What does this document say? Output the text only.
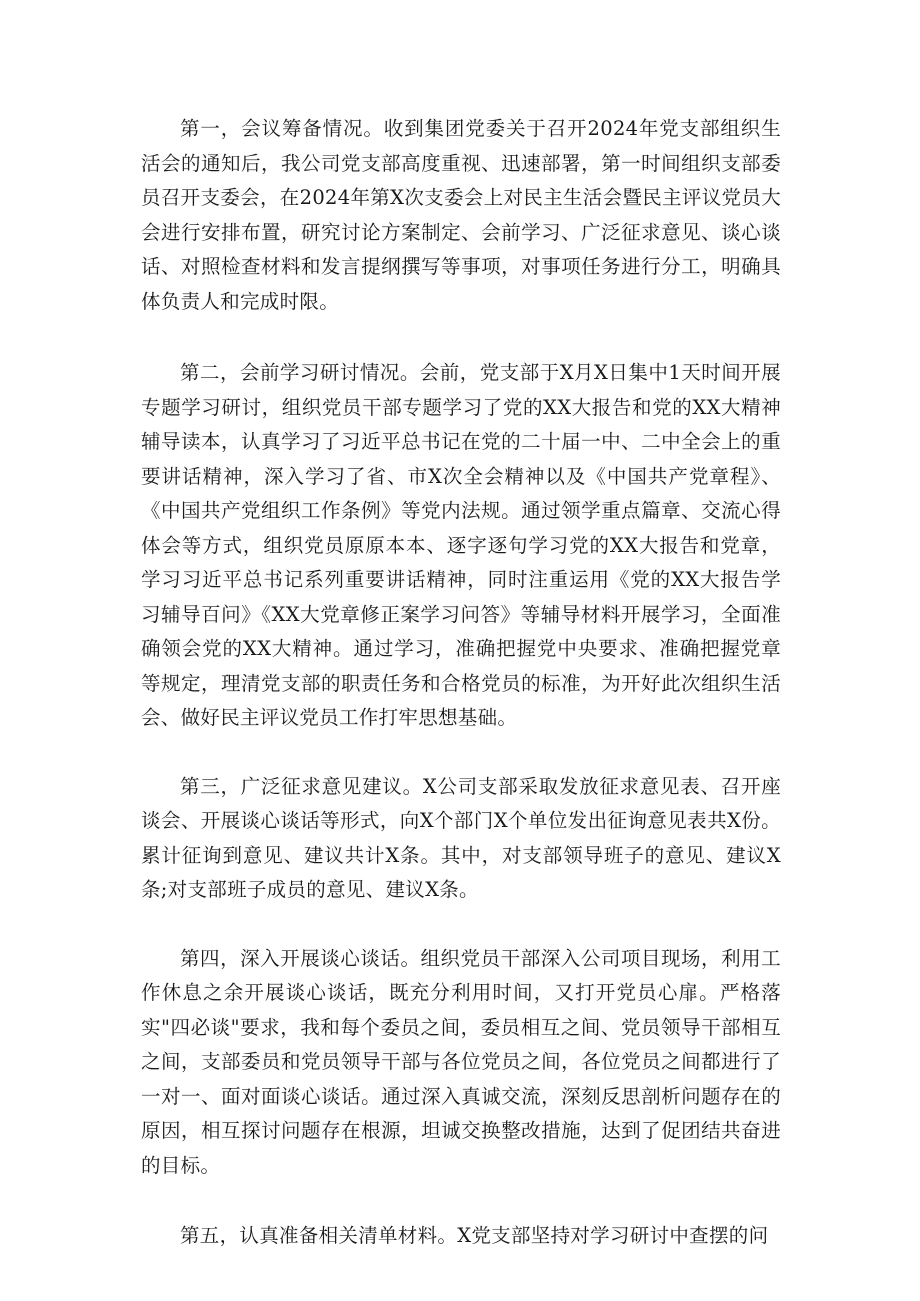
第一，会议筹备情况。收到集团党委关于召开2024年党支部组织生活会的通知后，我公司党支部高度重视、迅速部署，第一时间组织支部委员召开支委会，在2024年第X次支委会上对民主生活会暨民主评议党员大会进行安排布置，研究讨论方案制定、会前学习、广泛征求意见、谈心谈话、对照检查材料和发言提纲撰写等事项，对事项任务进行分工，明确具体负责人和完成时限。

第二，会前学习研讨情况。会前，党支部于X月X日集中1天时间开展专题学习研讨，组织党员干部专题学习了党的XX大报告和党的XX大精神辅导读本，认真学习了习近平总书记在党的二十届一中、二中全会上的重要讲话精神，深入学习了省、市X次全会精神以及《中国共产党章程》、《中国共产党组织工作条例》等党内法规。通过领学重点篇章、交流心得体会等方式，组织党员原原本本、逐字逐句学习党的XX大报告和党章，学习习近平总书记系列重要讲话精神，同时注重运用《党的XX大报告学习辅导百问》《XX大党章修正案学习问答》等辅导材料开展学习，全面准确领会党的XX大精神。通过学习，准确把握党中央要求、准确把握党章等规定，理清党支部的职责任务和合格党员的标准，为开好此次组织生活会、做好民主评议党员工作打牢思想基础。

第三，广泛征求意见建议。X公司支部采取发放征求意见表、召开座谈会、开展谈心谈话等形式，向X个部门X个单位发出征询意见表共X份。累计征询到意见、建议共计X条。其中，对支部领导班子的意见、建议X条;对支部班子成员的意见、建议X条。

第四，深入开展谈心谈话。组织党员干部深入公司项目现场，利用工作休息之余开展谈心谈话，既充分利用时间，又打开党员心扉。严格落实"四必谈"要求，我和每个委员之间，委员相互之间、党员领导干部相互之间，支部委员和党员领导干部与各位党员之间，各位党员之间都进行了一对一、面对面谈心谈话。通过深入真诚交流，深刻反思剖析问题存在的原因，相互探讨问题存在根源，坦诚交换整改措施，达到了促团结共奋进的目标。

第五，认真准备相关清单材料。X党支部坚持对学习研讨中查摆的问
